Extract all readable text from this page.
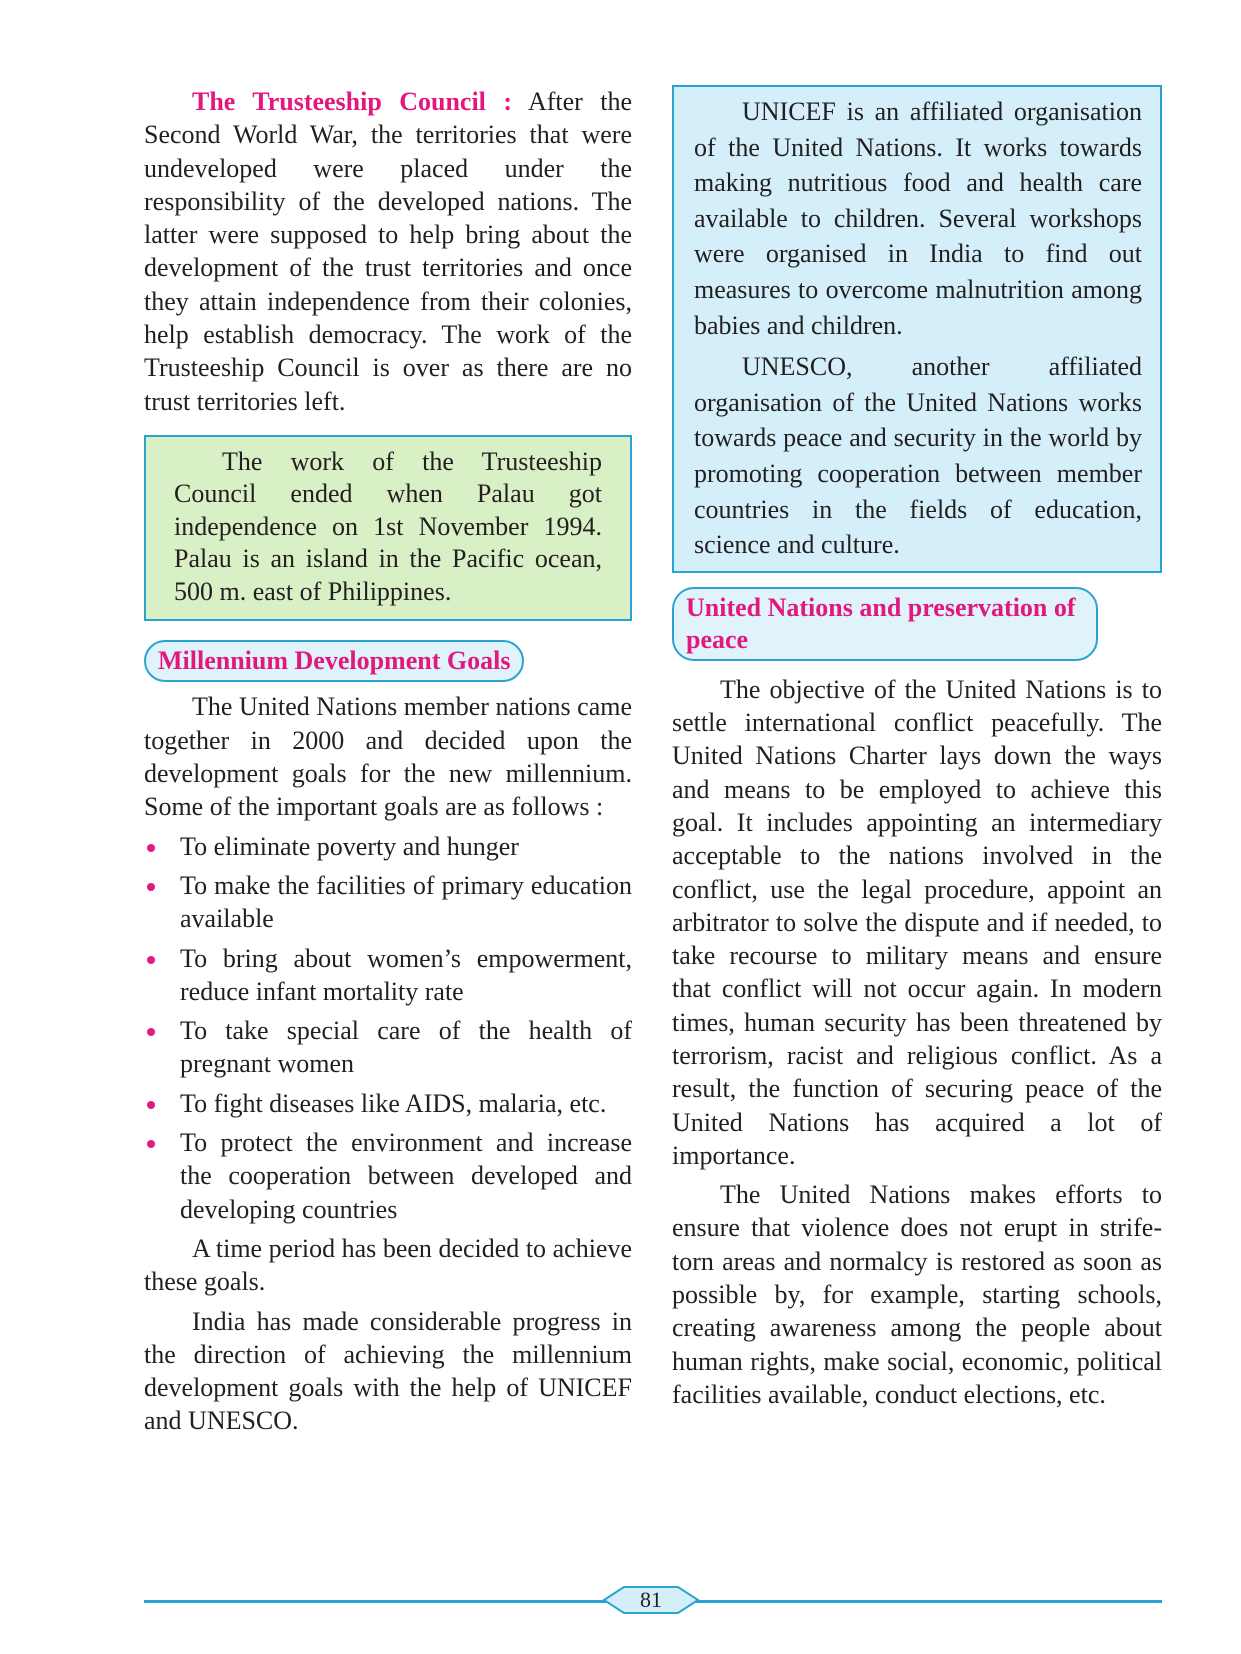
The Trusteeship Council : After the Second World War, the territories that were undeveloped were placed under the responsibility of the developed nations. The latter were supposed to help bring about the development of the trust territories and once they attain independence from their colonies, help establish democracy. The work of the Trusteeship Council is over as there are no trust territories left.

The work of the Trusteeship Council ended when Palau got independence on 1st November 1994. Palau is an island in the Pacific ocean, 500 m. east of Philippines.

Millennium Development Goals

The United Nations member nations came together in 2000 and decided upon the development goals for the new millennium. Some of the important goals are as follows :

To eliminate poverty and hunger
To make the facilities of primary education available
To bring about women’s empowerment, reduce infant mortality rate
To take special care of the health of pregnant women
To fight diseases like AIDS, malaria, etc.
To protect the environment and increase the cooperation between developed and developing countries

A time period has been decided to achieve these goals.

India has made considerable progress in the direction of achieving the millennium development goals with the help of UNICEF and UNESCO.

UNICEF is an affiliated organisation of the United Nations. It works towards making nutritious food and health care available to children. Several workshops were organised in India to find out measures to overcome malnutrition among babies and children.

UNESCO, another affiliated organisation of the United Nations works towards peace and security in the world by promoting cooperation between member countries in the fields of education, science and culture.

United Nations and preservation of peace

The objective of the United Nations is to settle international conflict peacefully. The United Nations Charter lays down the ways and means to be employed to achieve this goal. It includes appointing an intermediary acceptable to the nations involved in the conflict, use the legal procedure, appoint an arbitrator to solve the dispute and if needed, to take recourse to military means and ensure that conflict will not occur again. In modern times, human security has been threatened by terrorism, racist and religious conflict. As a result, the function of securing peace of the United Nations has acquired a lot of importance.

The United Nations makes efforts to ensure that violence does not erupt in strife-torn areas and normalcy is restored as soon as possible by, for example, starting schools, creating awareness among the people about human rights, make social, economic, political facilities available, conduct elections, etc.

81
